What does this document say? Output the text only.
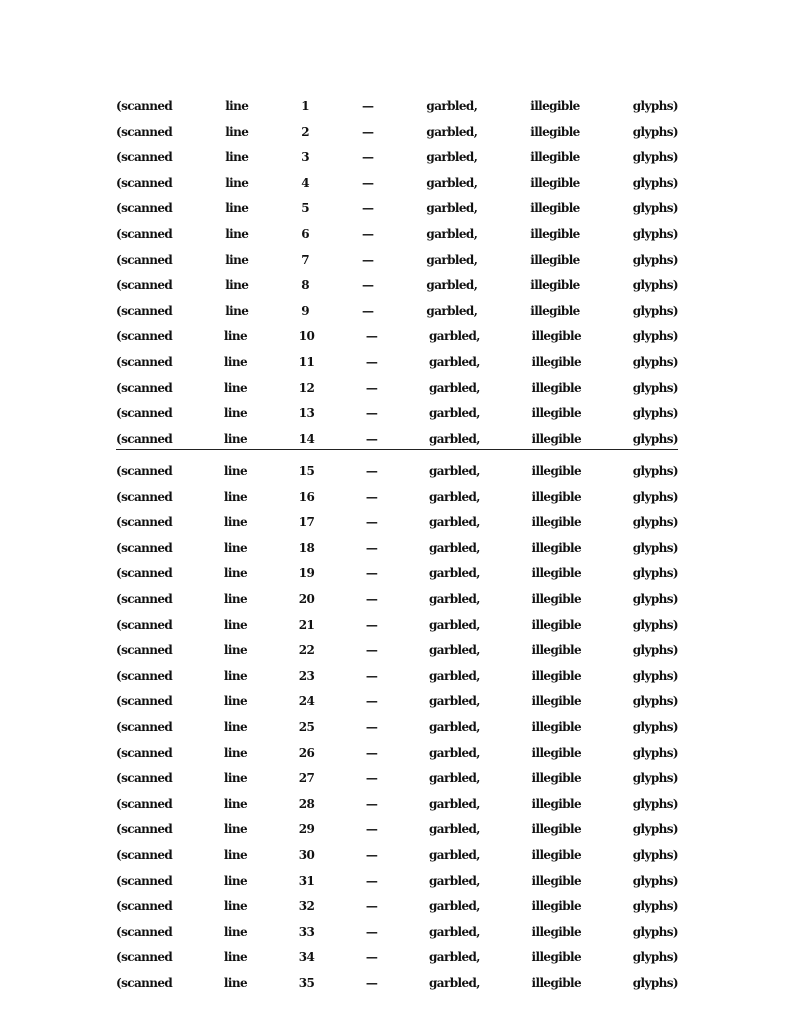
(scanned line 1 — garbled, illegible glyphs)
(scanned line 2 — garbled, illegible glyphs)
(scanned line 3 — garbled, illegible glyphs)
(scanned line 4 — garbled, illegible glyphs)
(scanned line 5 — garbled, illegible glyphs)
(scanned line 6 — garbled, illegible glyphs)
(scanned line 7 — garbled, illegible glyphs)
(scanned line 8 — garbled, illegible glyphs)
(scanned line 9 — garbled, illegible glyphs)
(scanned line 10 — garbled, illegible glyphs)
(scanned line 11 — garbled, illegible glyphs)
(scanned line 12 — garbled, illegible glyphs)
(scanned line 13 — garbled, illegible glyphs)
(scanned line 14 — garbled, illegible glyphs)
(scanned line 15 — garbled, illegible glyphs)
(scanned line 16 — garbled, illegible glyphs)
(scanned line 17 — garbled, illegible glyphs)
(scanned line 18 — garbled, illegible glyphs)
(scanned line 19 — garbled, illegible glyphs)
(scanned line 20 — garbled, illegible glyphs)
(scanned line 21 — garbled, illegible glyphs)
(scanned line 22 — garbled, illegible glyphs)
(scanned line 23 — garbled, illegible glyphs)
(scanned line 24 — garbled, illegible glyphs)
(scanned line 25 — garbled, illegible glyphs)
(scanned line 26 — garbled, illegible glyphs)
(scanned line 27 — garbled, illegible glyphs)
(scanned line 28 — garbled, illegible glyphs)
(scanned line 29 — garbled, illegible glyphs)
(scanned line 30 — garbled, illegible glyphs)
(scanned line 31 — garbled, illegible glyphs)
(scanned line 32 — garbled, illegible glyphs)
(scanned line 33 — garbled, illegible glyphs)
(scanned line 34 — garbled, illegible glyphs)
(scanned line 35 — garbled, illegible glyphs)
